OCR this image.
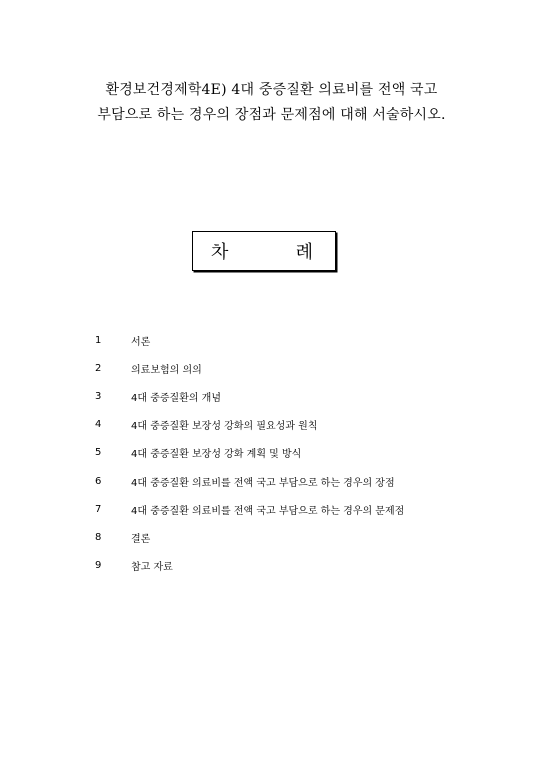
환경보건경제학4E) 4대 중증질환 의료비를 전액 국고
부담으로 하는 경우의 장점과 문제점에 대해 서술하시오.
차	례
1	서론
2	의료보험의 의의
3	4대 중증질환의 개념
4	4대 중증질환 보장성 강화의 필요성과 원칙
5	4대 중증질환 보장성 강화 계획 및 방식
6	4대 중증질환 의료비를 전액 국고 부담으로 하는 경우의 장점
7	4대 중증질환 의료비를 전액 국고 부담으로 하는 경우의 문제점
8	결론
9	참고 자료
